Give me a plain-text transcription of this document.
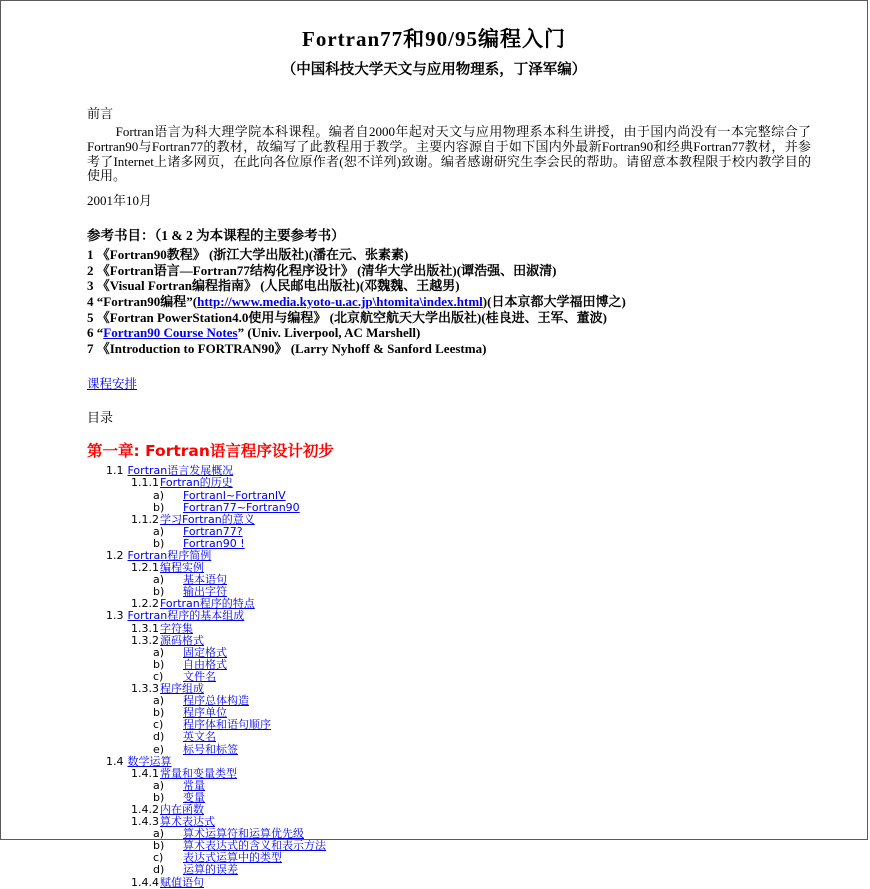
Fortran77和90/95编程入门
（中国科技大学天文与应用物理系，丁泽军编）
前言
Fortran语言为科大理学院本科课程。编者自2000年起对天文与应用物理系本科生讲授，由于国内尚没有一本完整综合了Fortran90与Fortran77的教材，故编写了此教程用于教学。主要内容源自于如下国内外最新Fortran90和经典Fortran77教材，并参考了Internet上诸多网页，在此向各位原作者(恕不详列)致谢。编者感谢研究生李会民的帮助。请留意本教程限于校内教学目的使用。
2001年10月
参考书目：（1 & 2 为本课程的主要参考书）
1 《Fortran90教程》 (浙江大学出版社)(潘在元、张素素)
2 《Fortran语言—Fortran77结构化程序设计》 (清华大学出版社)(谭浩强、田淑清)
3 《Visual Fortran编程指南》 (人民邮电出版社)(邓魏魏、王越男)
4 “Fortran90编程”(http://www.media.kyoto-u.ac.jp\htomita\index.html)(日本京都大学福田博之)
5 《Fortran PowerStation4.0使用与编程》 (北京航空航天大学出版社)(桂良进、王军、董波)
6 “Fortran90 Course Notes” (Univ. Liverpool, AC Marshell)
7 《Introduction to FORTRAN90》 (Larry Nyhoff & Sanford Leestma)
课程安排
目录
第一章: Fortran语言程序设计初步
1.1 Fortran语言发展概况
1.1.1Fortran的历史
a) FortranI~FortranIV
b) Fortran77~Fortran90
1.1.2学习Fortran的意义
a) Fortran77?
b) Fortran90 !
1.2 Fortran程序简例
1.2.1编程实例
a) 基本语句
b) 输出字符
1.2.2Fortran程序的特点
1.3 Fortran程序的基本组成
1.3.1字符集
1.3.2源码格式
a) 固定格式
b) 自由格式
c) 文件名
1.3.3程序组成
a) 程序总体构造
b) 程序单位
c) 程序体和语句顺序
d) 英文名
e) 标号和标签
1.4 数学运算
1.4.1常量和变量类型
a) 常量
b) 变量
1.4.2内在函数
1.4.3算术表达式
a) 算术运算符和运算优先级
b) 算术表达式的含义和表示方法
c) 表达式运算中的类型
d) 运算的误差
1.4.4赋值语句
